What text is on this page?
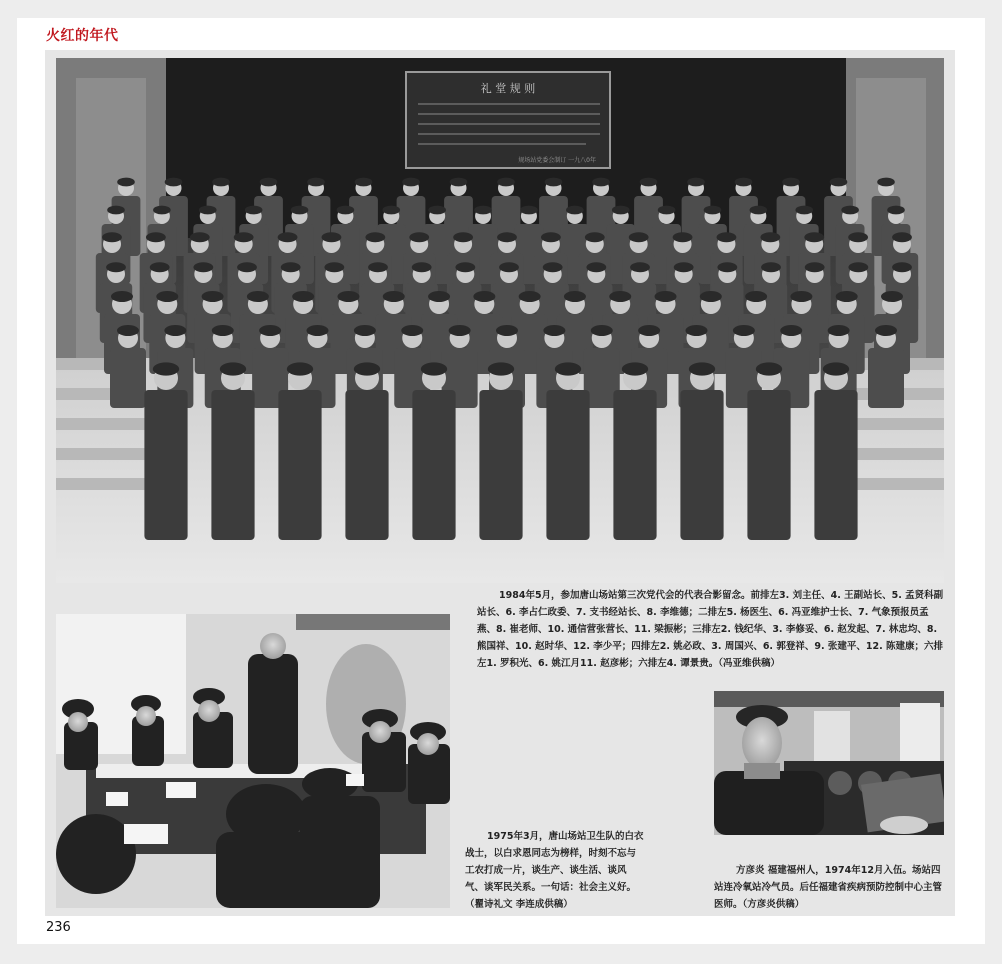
火红的年代
礼 堂 规 则
规场站党委会制订 一九八0年
1984年5月，参加唐山场站第三次党代会的代表合影留念。前排左3. 刘主任、4. 王副站长、5. 孟贤科副站长、6. 李占仁政委、7. 支书经站长、8. 李维德；二排左5. 杨医生、6. 冯亚维护士长、7. 气象预报员孟燕、8. 崔老师、10. 通信营张营长、11. 梁振彬；三排左2. 钱纪华、3. 李修妥、6. 赵发起、7. 林忠均、8. 熊国祥、10. 赵时华、12. 李少平；四排左2. 姚必政、3. 周国兴、6. 郭登祥、9. 张建平、12. 陈建康；六排左1. 罗积光、6. 姚江月11. 赵彦彬；六排左4. 谭景贵。（冯亚维供稿）
1975年3月，唐山场站卫生队的白衣战士，以白求恩同志为榜样，时刻不忘与工农打成一片，谈生产、谈生活、谈风气、谈军民关系。一句话：社会主义好。（瞿诗礼文 李连成供稿）
方彦炎 福建福州人，1974年12月入伍。场站四站连冷氧站冷气员。后任福建省疾病预防控制中心主管医师。（方彦炎供稿）
236
